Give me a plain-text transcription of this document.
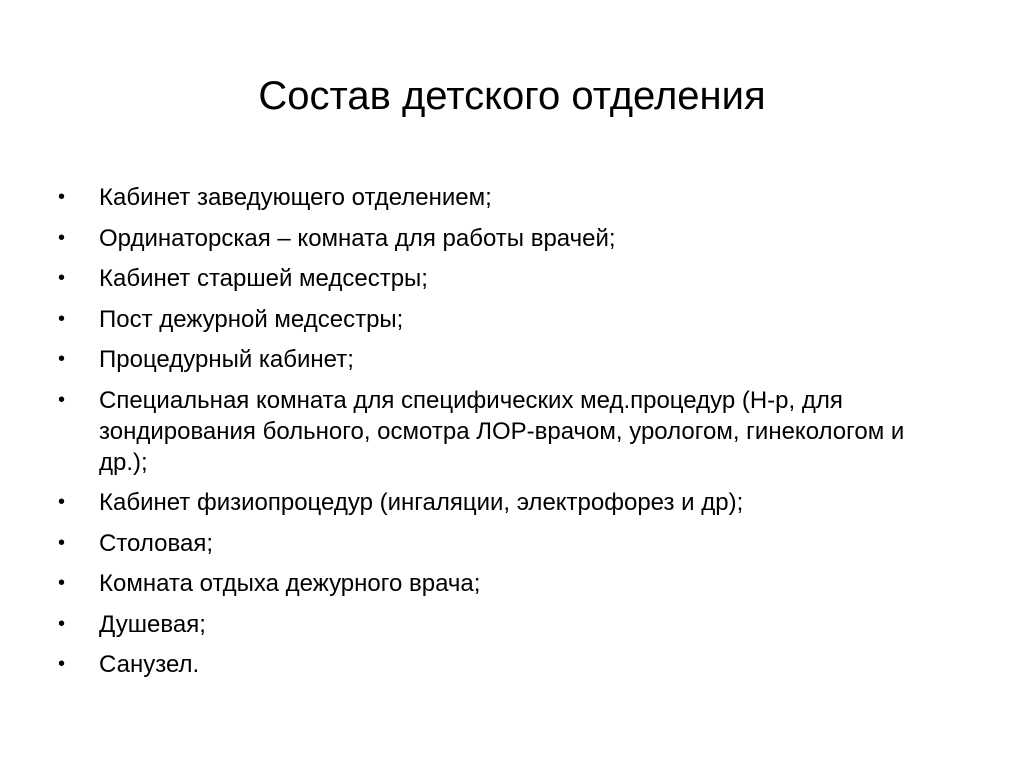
Состав детского отделения
•	Кабинет заведующего отделением;
•	Ординаторская – комната для работы врачей;
•	Кабинет старшей медсестры;
•	Пост дежурной медсестры;
•	Процедурный кабинет;
•	Специальная комната для специфических мед.процедур (Н-р, для зондирования больного, осмотра ЛОР-врачом, урологом, гинекологом и др.);
•	Кабинет физиопроцедур (ингаляции, электрофорез и др);
•	Столовая;
•	Комната отдыха дежурного врача;
•	Душевая;
•	Санузел.
